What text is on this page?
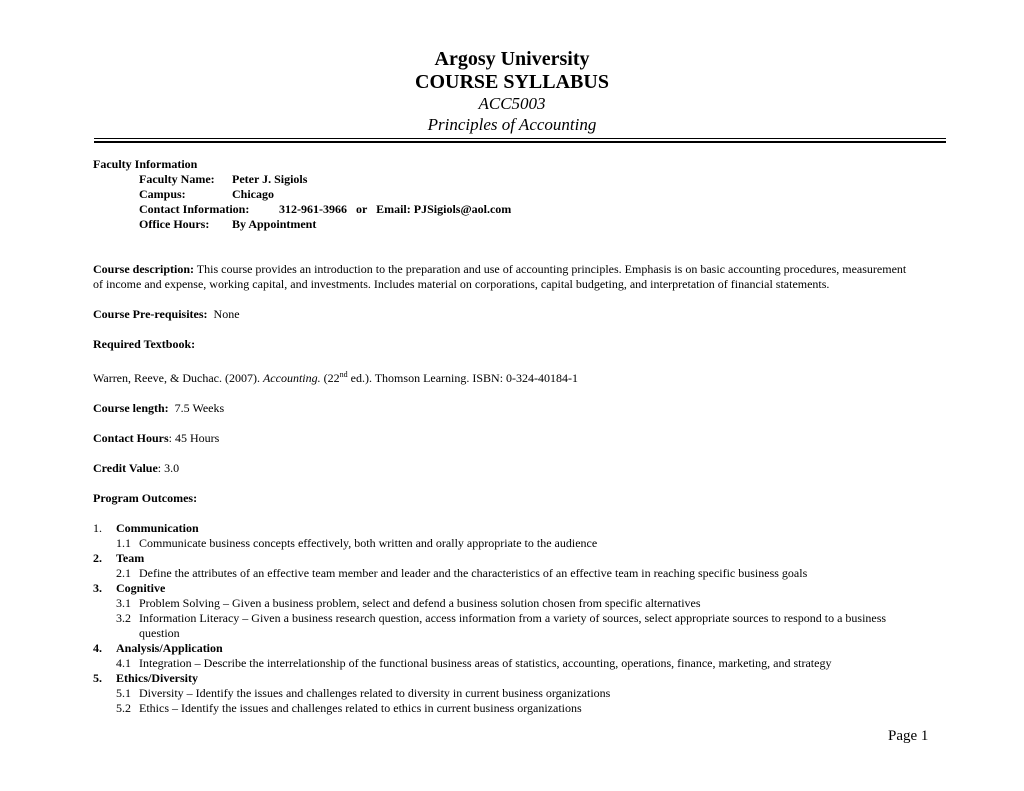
Argosy University
COURSE SYLLABUS
ACC5003
Principles of Accounting
Faculty Information
Faculty Name: Peter J. Sigiols
Campus:	Chicago
Contact Information: 312-961-3966   or   Email: PJSigiols@aol.com
Office Hours: By Appointment
Course description: This course provides an introduction to the preparation and use of accounting principles. Emphasis is on basic accounting procedures, measurement of income and expense, working capital, and investments. Includes material on corporations, capital budgeting, and interpretation of financial statements.
Course Pre-requisites:  None
Required Textbook:
Warren, Reeve, & Duchac. (2007). Accounting. (22nd ed.). Thomson Learning. ISBN: 0-324-40184-1
Course length:  7.5 Weeks
Contact Hours: 45 Hours
Credit Value: 3.0
Program Outcomes:
1.	Communication
1.1 Communicate business concepts effectively, both written and orally appropriate to the audience
2.	Team
2.1 Define the attributes of an effective team member and leader and the characteristics of an effective team in reaching specific business goals
3.	Cognitive
3.1 Problem Solving – Given a business problem, select and defend a business solution chosen from specific alternatives
3.2 Information Literacy – Given a business research question, access information from a variety of sources, select appropriate sources to respond to a business question
4.	Analysis/Application
4.1 Integration – Describe the interrelationship of the functional business areas of statistics, accounting, operations, finance, marketing, and strategy
5.	Ethics/Diversity
5.1 Diversity – Identify the issues and challenges related to diversity in current business organizations
5.2 Ethics – Identify the issues and challenges related to ethics in current business organizations
Page 1
